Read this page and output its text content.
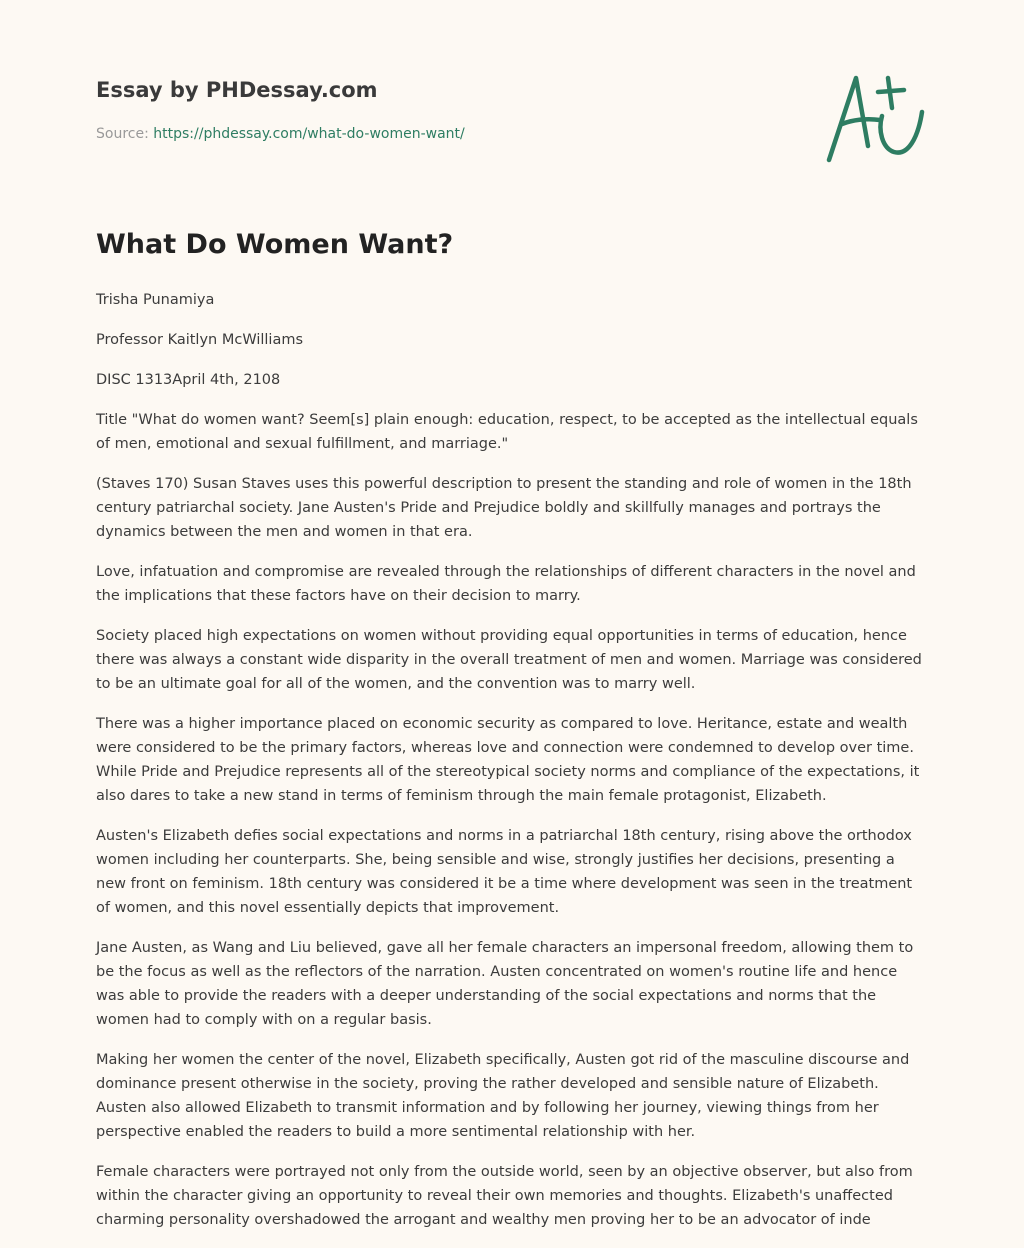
Essay by PHDessay.com
Source: https://phdessay.com/what-do-women-want/
What Do Women Want?

Trisha Punamiya

Professor Kaitlyn McWilliams

DISC 1313April 4th, 2108

Title "What do women want? Seem[s] plain enough: education, respect, to be accepted as the intellectual equals of men, emotional and sexual fulfillment, and marriage."

(Staves 170) Susan Staves uses this powerful description to present the standing and role of women in the 18th century patriarchal society. Jane Austen's Pride and Prejudice boldly and skillfully manages and portrays the dynamics between the men and women in that era.

Love, infatuation and compromise are revealed through the relationships of different characters in the novel and the implications that these factors have on their decision to marry.

Society placed high expectations on women without providing equal opportunities in terms of education, hence there was always a constant wide disparity in the overall treatment of men and women. Marriage was considered to be an ultimate goal for all of the women, and the convention was to marry well.

There was a higher importance placed on economic security as compared to love. Heritance, estate and wealth were considered to be the primary factors, whereas love and connection were condemned to develop over time. While Pride and Prejudice represents all of the stereotypical society norms and compliance of the expectations, it also dares to take a new stand in terms of feminism through the main female protagonist, Elizabeth.

Austen's Elizabeth defies social expectations and norms in a patriarchal 18th century, rising above the orthodox women including her counterparts. She, being sensible and wise, strongly justifies her decisions, presenting a new front on feminism. 18th century was considered it be a time where development was seen in the treatment of women, and this novel essentially depicts that improvement.

Jane Austen, as Wang and Liu believed, gave all her female characters an impersonal freedom, allowing them to be the focus as well as the reflectors of the narration. Austen concentrated on women's routine life and hence was able to provide the readers with a deeper understanding of the social expectations and norms that the women had to comply with on a regular basis.

Making her women the center of the novel, Elizabeth specifically, Austen got rid of the masculine discourse and dominance present otherwise in the society, proving the rather developed and sensible nature of Elizabeth. Austen also allowed Elizabeth to transmit information and by following her journey, viewing things from her perspective enabled the readers to build a more sentimental relationship with her.

Female characters were portrayed not only from the outside world, seen by an objective observer, but also from within the character giving an opportunity to reveal their own memories and thoughts. Elizabeth's unaffected charming personality overshadowed the arrogant and wealthy men proving her to be an advocator of inde
